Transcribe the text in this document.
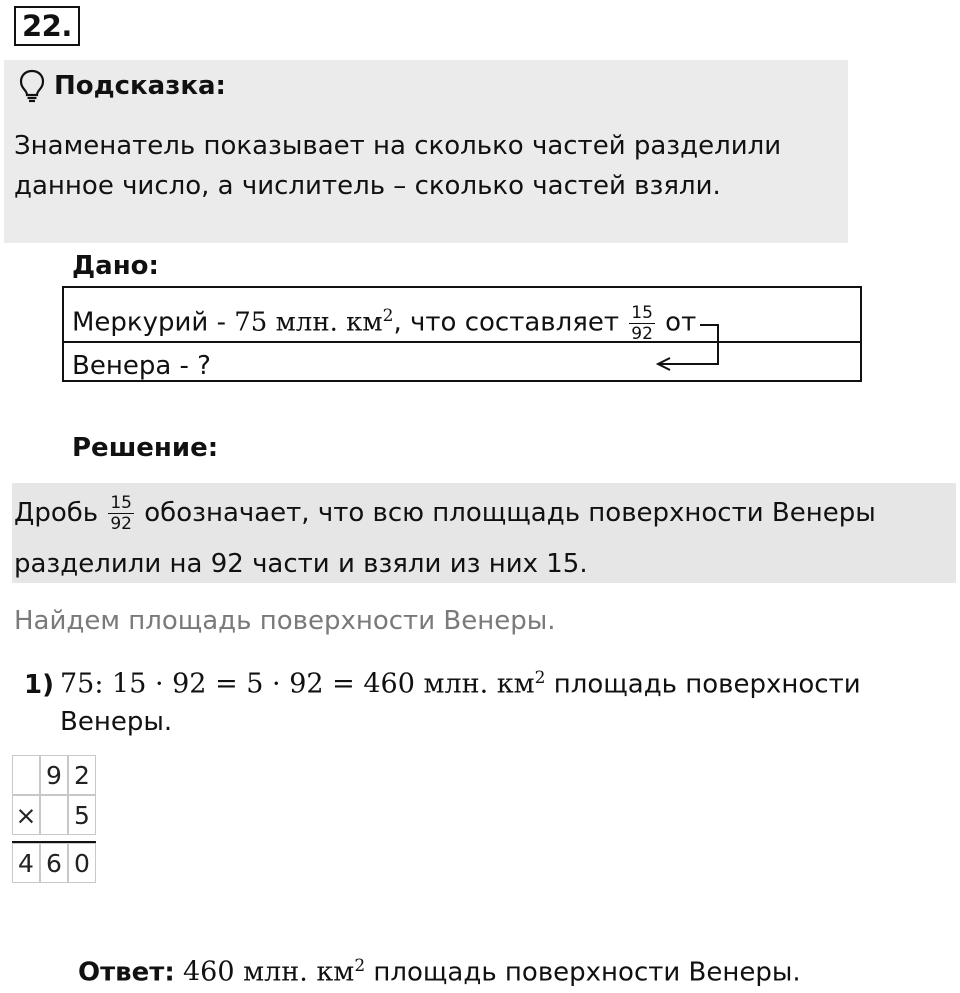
22.
Подсказка:
Знаменатель показывает на сколько частей разделили
данное число, а числитель – сколько частей взяли.
Дано:
Меркурий - 75 млн. $км^2$, что составляет $\frac{15}{92}$ от
Венера - ?
Решение:
Дробь $\frac{15}{92}$ обозначает, что всю площщадь поверхности Венеры
разделили на 92 части и взяли из них 15.
Найдем площадь поверхности Венеры.
1) 75: 15 · 92 = 5 · 92 = 460 млн. $км^2$ площадь поверхности
Венеры.
9 2
× 5
4 6 0
Ответ: 460 млн. $км^2$ площадь поверхности Венеры.
